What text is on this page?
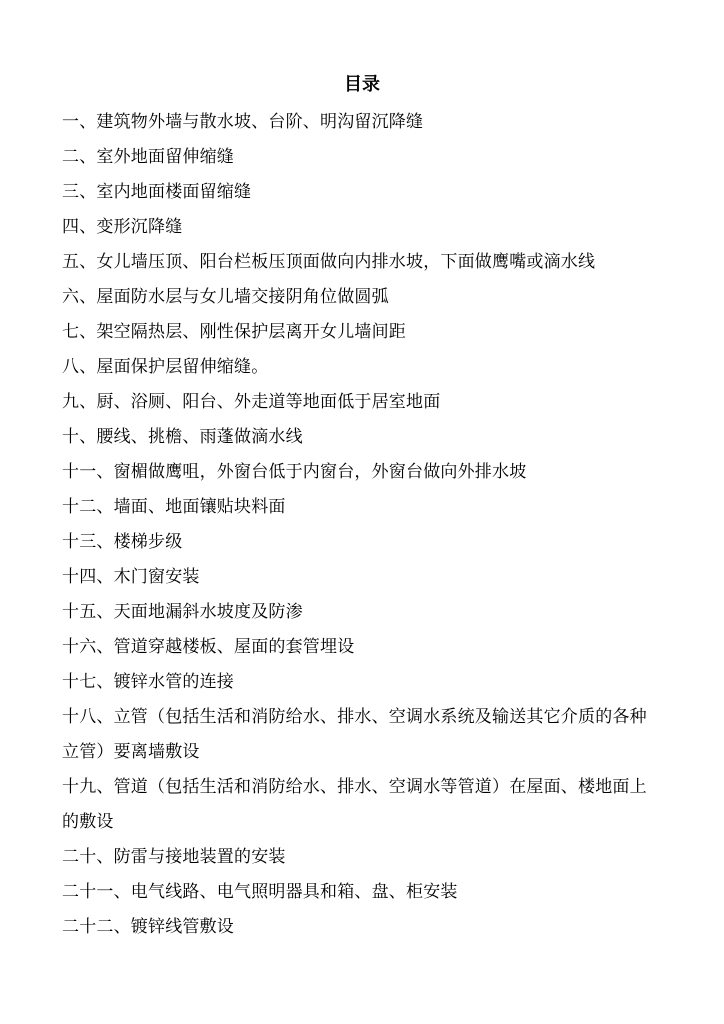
目录
一、建筑物外墙与散水坡、台阶、明沟留沉降缝
二、室外地面留伸缩缝
三、室内地面楼面留缩缝
四、变形沉降缝
五、女儿墙压顶、阳台栏板压顶面做向内排水坡，下面做鹰嘴或滴水线
六、屋面防水层与女儿墙交接阴角位做圆弧
七、架空隔热层、刚性保护层离开女儿墙间距
八、屋面保护层留伸缩缝。
九、厨、浴厕、阳台、外走道等地面低于居室地面
十、腰线、挑檐、雨蓬做滴水线
十一、窗楣做鹰咀，外窗台低于内窗台，外窗台做向外排水坡
十二、墙面、地面镶贴块料面
十三、楼梯步级
十四、木门窗安装
十五、天面地漏斜水坡度及防渗
十六、管道穿越楼板、屋面的套管埋设
十七、镀锌水管的连接
十八、立管（包括生活和消防给水、排水、空调水系统及输送其它介质的各种立管）要离墙敷设
十九、管道（包括生活和消防给水、排水、空调水等管道）在屋面、楼地面上的敷设
二十、防雷与接地装置的安装
二十一、电气线路、电气照明器具和箱、盘、柜安装
二十二、镀锌线管敷设
